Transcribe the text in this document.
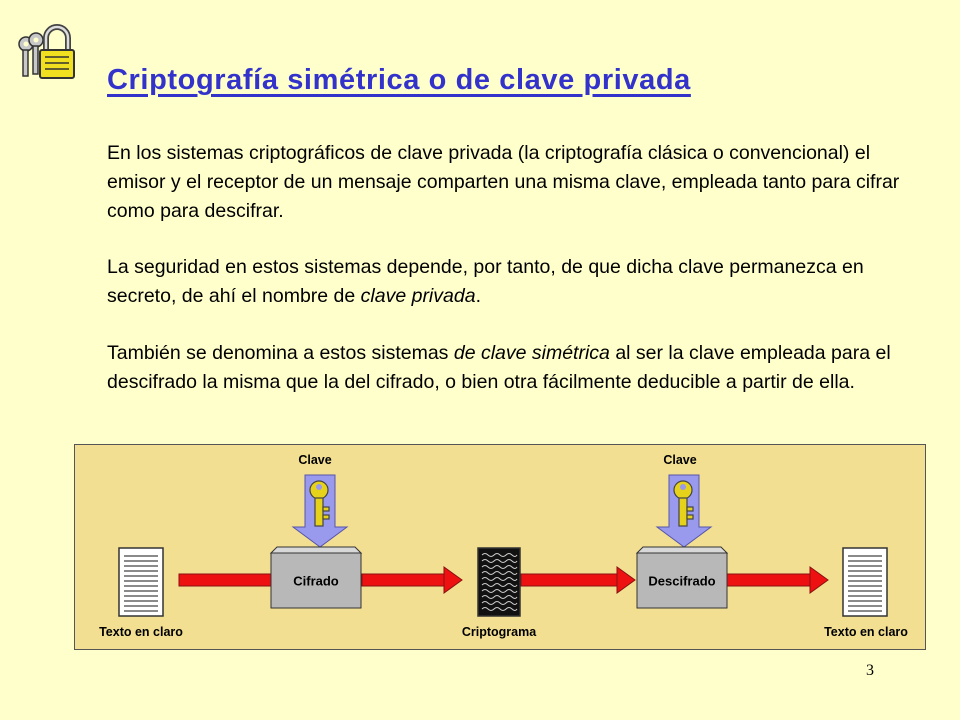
Criptografía simétrica o de clave privada

En los sistemas criptográficos de clave privada (la criptografía clásica o convencional) el emisor y el receptor de un mensaje comparten una misma clave, empleada tanto para cifrar como para descifrar.

La seguridad en estos sistemas depende, por tanto, de que dicha clave permanezca en secreto, de ahí el nombre de clave privada.

También se denomina a estos sistemas de clave simétrica al ser la clave empleada para el descifrado la misma que la del cifrado, o bien otra fácilmente deducible a partir de ella.

Clave	Clave
Cifrado	Descifrado
Texto en claro	Criptograma	Texto en claro
3
